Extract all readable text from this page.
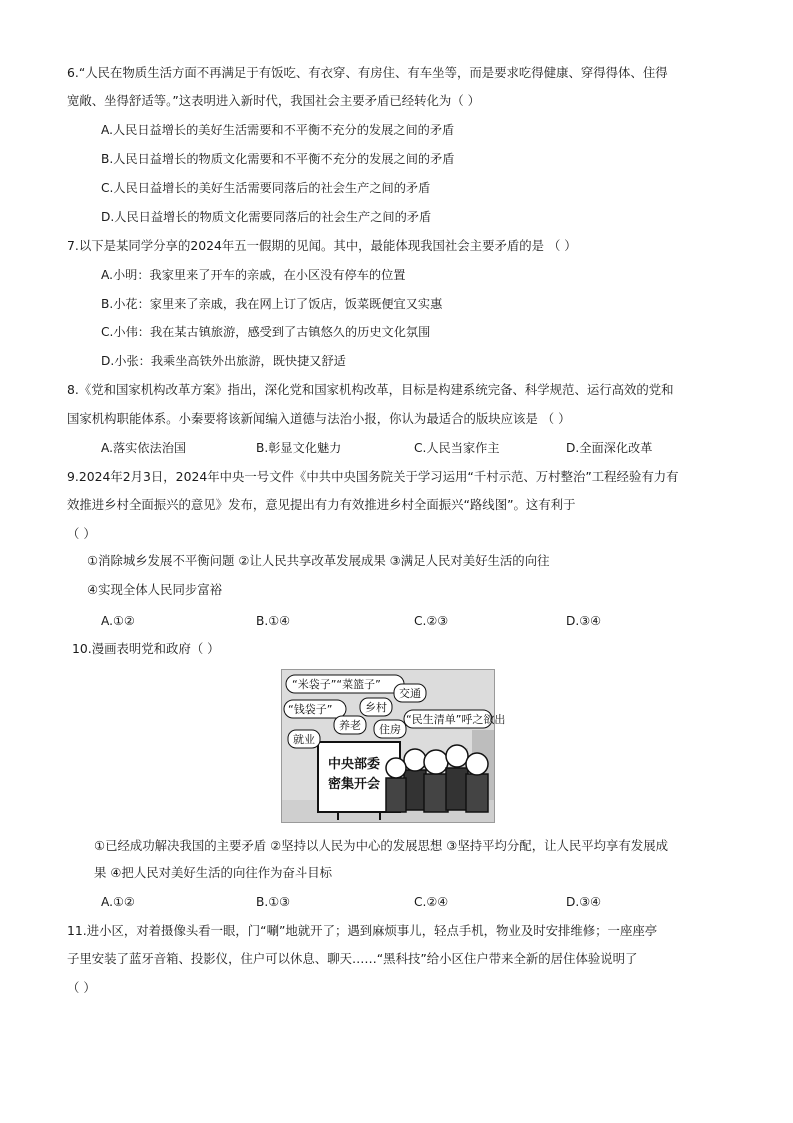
6.“人民在物质生活方面不再满足于有饭吃、有衣穿、有房住、有车坐等，而是要求吃得健康、穿得得体、住得
宽敞、坐得舒适等。”这表明进入新时代，我国社会主要矛盾已经转化为（ ）
A.人民日益增长的美好生活需要和不平衡不充分的发展之间的矛盾
B.人民日益增长的物质文化需要和不平衡不充分的发展之间的矛盾
C.人民日益增长的美好生活需要同落后的社会生产之间的矛盾
D.人民日益增长的物质文化需要同落后的社会生产之间的矛盾
7.以下是某同学分享的2024年五一假期的见闻。其中，最能体现我国社会主要矛盾的是 （ ）
A.小明：我家里来了开车的亲戚，在小区没有停车的位置
B.小花：家里来了亲戚，我在网上订了饭店，饭菜既便宜又实惠
C.小伟：我在某古镇旅游，感受到了古镇悠久的历史文化氛围
D.小张：我乘坐高铁外出旅游，既快捷又舒适
8.《党和国家机构改革方案》指出，深化党和国家机构改革，目标是构建系统完备、科学规范、运行高效的党和
国家机构职能体系。小秦要将该新闻编入道德与法治小报，你认为最适合的版块应该是 （ ）
A.落实依法治国	B.彰显文化魅力	C.人民当家作主	D.全面深化改革
9.2024年2月3日，2024年中央一号文件《中共中央国务院关于学习运用“千村示范、万村整治”工程经验有力有
效推进乡村全面振兴的意见》发布，意见提出有力有效推进乡村全面振兴“路线图”。这有利于
（ ）
①消除城乡发展不平衡问题 ②让人民共享改革发展成果 ③满足人民对美好生活的向往
④实现全体人民同步富裕
A.①②	B.①④	C.②③	D.③④
10.漫画表明党和政府（ ）
中央部委
密集开会
“米袋子”“菜篮子”
“钱袋子”	乡村
交通
养老 住房
就业
“民生清单”呼之欲出
①已经成功解决我国的主要矛盾 ②坚持以人民为中心的发展思想 ③坚持平均分配，让人民平均享有发展成
果 ④把人民对美好生活的向往作为奋斗目标
A.①②	B.①③	C.②④	D.③④
11.进小区，对着摄像头看一眼，门“唰”地就开了；遇到麻烦事儿，轻点手机，物业及时安排维修；一座座亭
子里安装了蓝牙音箱、投影仪，住户可以休息、聊天……“黑科技”给小区住户带来全新的居住体验说明了
（ ）
